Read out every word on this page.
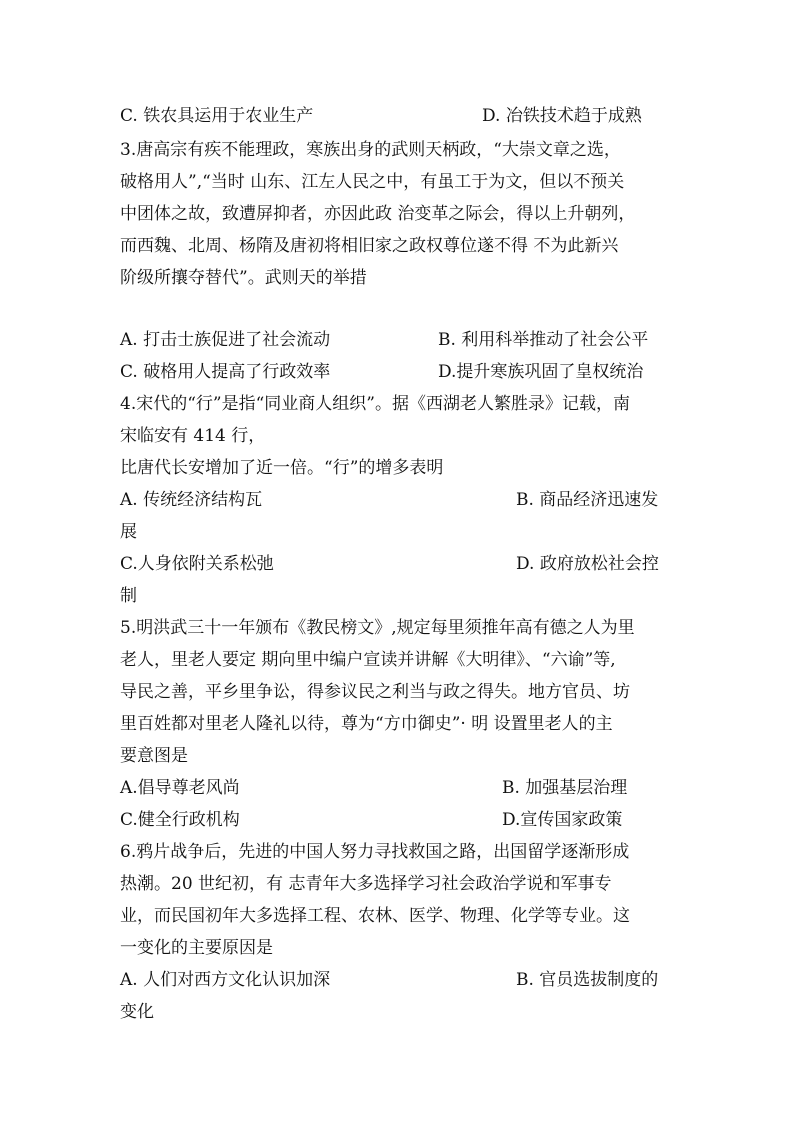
C. 铁农具运用于农业生产	D. 冶铁技术趋于成熟
3.唐高宗有疾不能理政，寒族出身的武则天柄政，“大崇文章之选，
破格用人”,“当时 山东、江左人民之中，有虽工于为文，但以不预关
中团体之故，致遭屏抑者，亦因此政 治变革之际会，得以上升朝列，
而西魏、北周、杨隋及唐初将相旧家之政权尊位遂不得 不为此新兴
阶级所攘夺替代”。武则天的举措
A. 打击士族促进了社会流动	B. 利用科举推动了社会公平
C. 破格用人提高了行政效率	D.提升寒族巩固了皇权统治
4.宋代的“行”是指“同业商人组织”。据《西湖老人繁胜录》记载，南
宋临安有 414 行，
比唐代长安增加了近一倍。“行”的增多表明
A. 传统经济结构瓦	B. 商品经济迅速发
展
C.人身依附关系松弛	D. 政府放松社会控
制
5.明洪武三十一年颁布《教民榜文》,规定每里须推年高有德之人为里
老人，里老人要定 期向里中编户宣读并讲解《大明律》、“六谕”等,
导民之善，平乡里争讼，得参议民之利当与政之得失。地方官员、坊
里百姓都对里老人隆礼以待，尊为“方巾御史”· 明 设置里老人的主
要意图是
A.倡导尊老风尚	B. 加强基层治理
C.健全行政机构	D.宣传国家政策
6.鸦片战争后，先进的中国人努力寻找救国之路，出国留学逐渐形成
热潮。20 世纪初，有 志青年大多选择学习社会政治学说和军事专
业，而民国初年大多选择工程、农林、医学、物理、化学等专业。这
一变化的主要原因是
A. 人们对西方文化认识加深	B. 官员选拔制度的
变化
